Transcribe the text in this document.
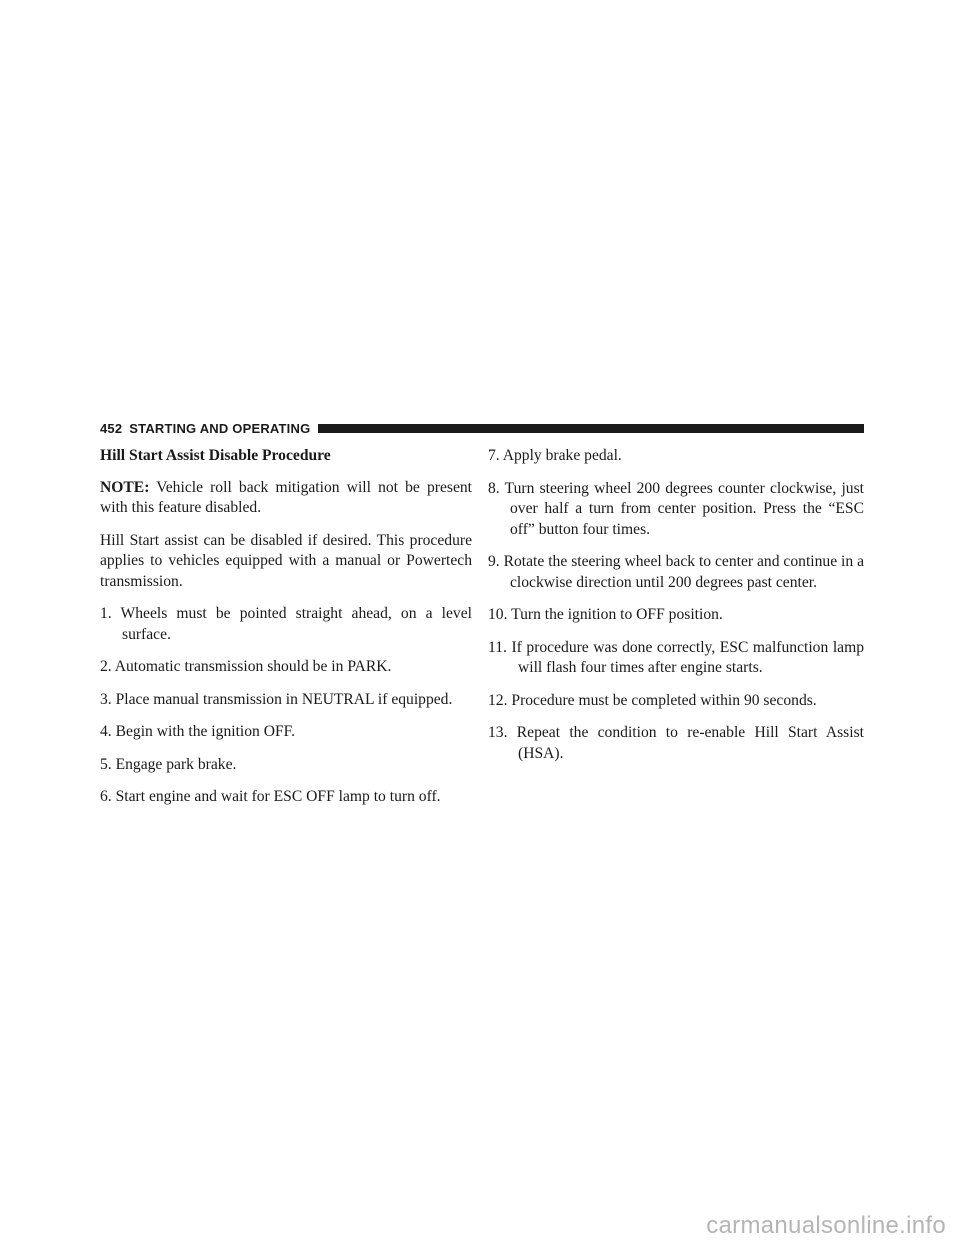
452 STARTING AND OPERATING

Hill Start Assist Disable Procedure

NOTE: Vehicle roll back mitigation will not be present with this feature disabled.

Hill Start assist can be disabled if desired. This procedure applies to vehicles equipped with a manual or Powertech transmission.

1. Wheels must be pointed straight ahead, on a level surface.

2. Automatic transmission should be in PARK.

3. Place manual transmission in NEUTRAL if equipped.

4. Begin with the ignition OFF.

5. Engage park brake.

6. Start engine and wait for ESC OFF lamp to turn off.

7. Apply brake pedal.

8. Turn steering wheel 200 degrees counter clockwise, just over half a turn from center position. Press the “ESC off” button four times.

9. Rotate the steering wheel back to center and continue in a clockwise direction until 200 degrees past center.

10. Turn the ignition to OFF position.

11. If procedure was done correctly, ESC malfunction lamp will flash four times after engine starts.

12. Procedure must be completed within 90 seconds.

13. Repeat the condition to re-enable Hill Start Assist (HSA).

carmanualsonline.info
